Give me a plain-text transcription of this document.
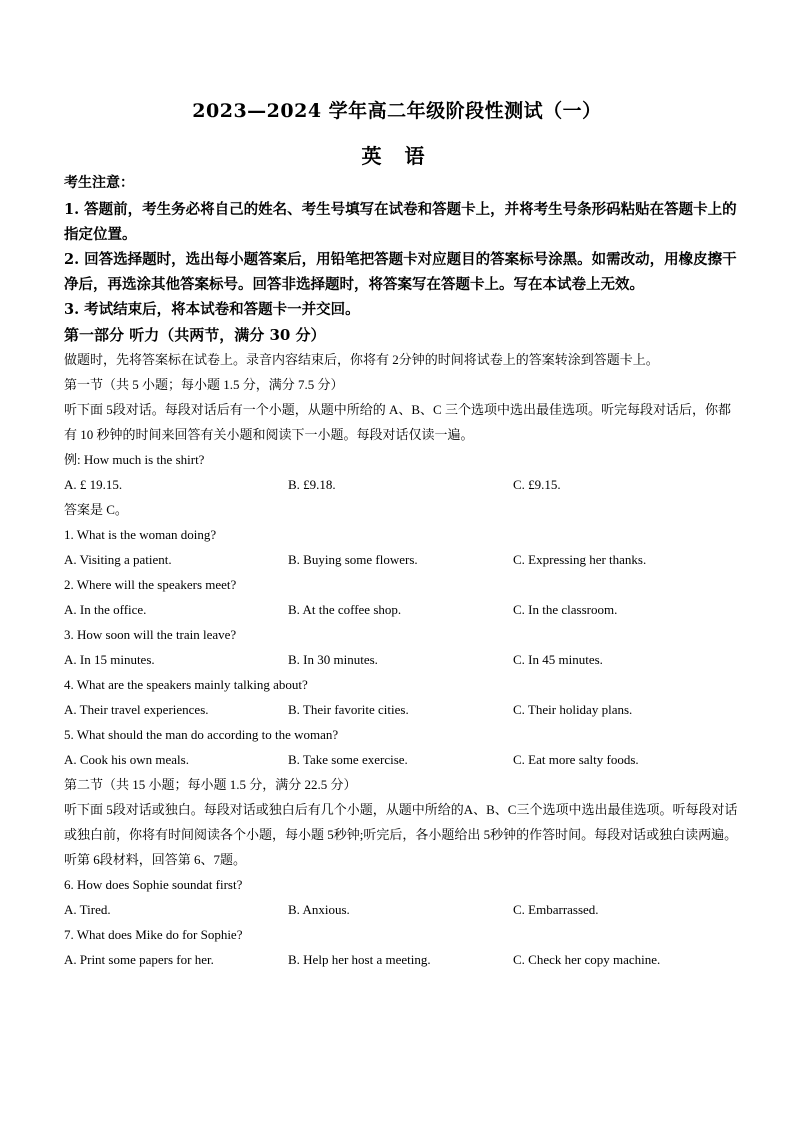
2023—2024 学年高二年级阶段性测试（一）
英 语
考生注意：
1. 答题前，考生务必将自己的姓名、考生号填写在试卷和答题卡上，并将考生号条形码粘贴在答题卡上的指定位置。
2. 回答选择题时，选出每小题答案后，用铅笔把答题卡对应题目的答案标号涂黑。如需改动，用橡皮擦干净后，再选涂其他答案标号。回答非选择题时，将答案写在答题卡上。写在本试卷上无效。
3. 考试结束后，将本试卷和答题卡一并交回。
第一部分 听力（共两节，满分 30 分）
做题时，先将答案标在试卷上。录音内容结束后，你将有 2分钟的时间将试卷上的答案转涂到答题卡上。
第一节（共 5 小题；每小题 1.5 分，满分 7.5 分）
听下面 5段对话。每段对话后有一个小题，从题中所给的 A、B、C 三个选项中选出最佳选项。听完每段对话后，你都有 10 秒钟的时间来回答有关小题和阅读下一小题。每段对话仅读一遍。
例: How much is the shirt?
A. £ 19.15.	B. £9.18.	C. £9.15.
答案是 C。
1. What is the woman doing?
A. Visiting a patient.	B. Buying some flowers.	C. Expressing her thanks.
2. Where will the speakers meet?
A. In the office.	B. At the coffee shop.	C. In the classroom.
3. How soon will the train leave?
A. In 15 minutes.	B. In 30 minutes.	C. In 45 minutes.
4. What are the speakers mainly talking about?
A. Their travel experiences.	B. Their favorite cities.	C. Their holiday plans.
5. What should the man do according to the woman?
A. Cook his own meals.	B. Take some exercise.	C. Eat more salty foods.
第二节（共 15 小题；每小题 1.5 分，满分 22.5 分）
听下面 5段对话或独白。每段对话或独白后有几个小题，从题中所给的A、B、C三个选项中选出最佳选项。听每段对话或独白前，你将有时间阅读各个小题，每小题 5秒钟;听完后，各小题给出 5秒钟的作答时间。每段对话或独白读两遍。
听第 6段材料，回答第 6、7题。
6. How does Sophie soundat first?
A. Tired.	B. Anxious.	C. Embarrassed.
7. What does Mike do for Sophie?
A. Print some papers for her.	B. Help her host a meeting.	C. Check her copy machine.
